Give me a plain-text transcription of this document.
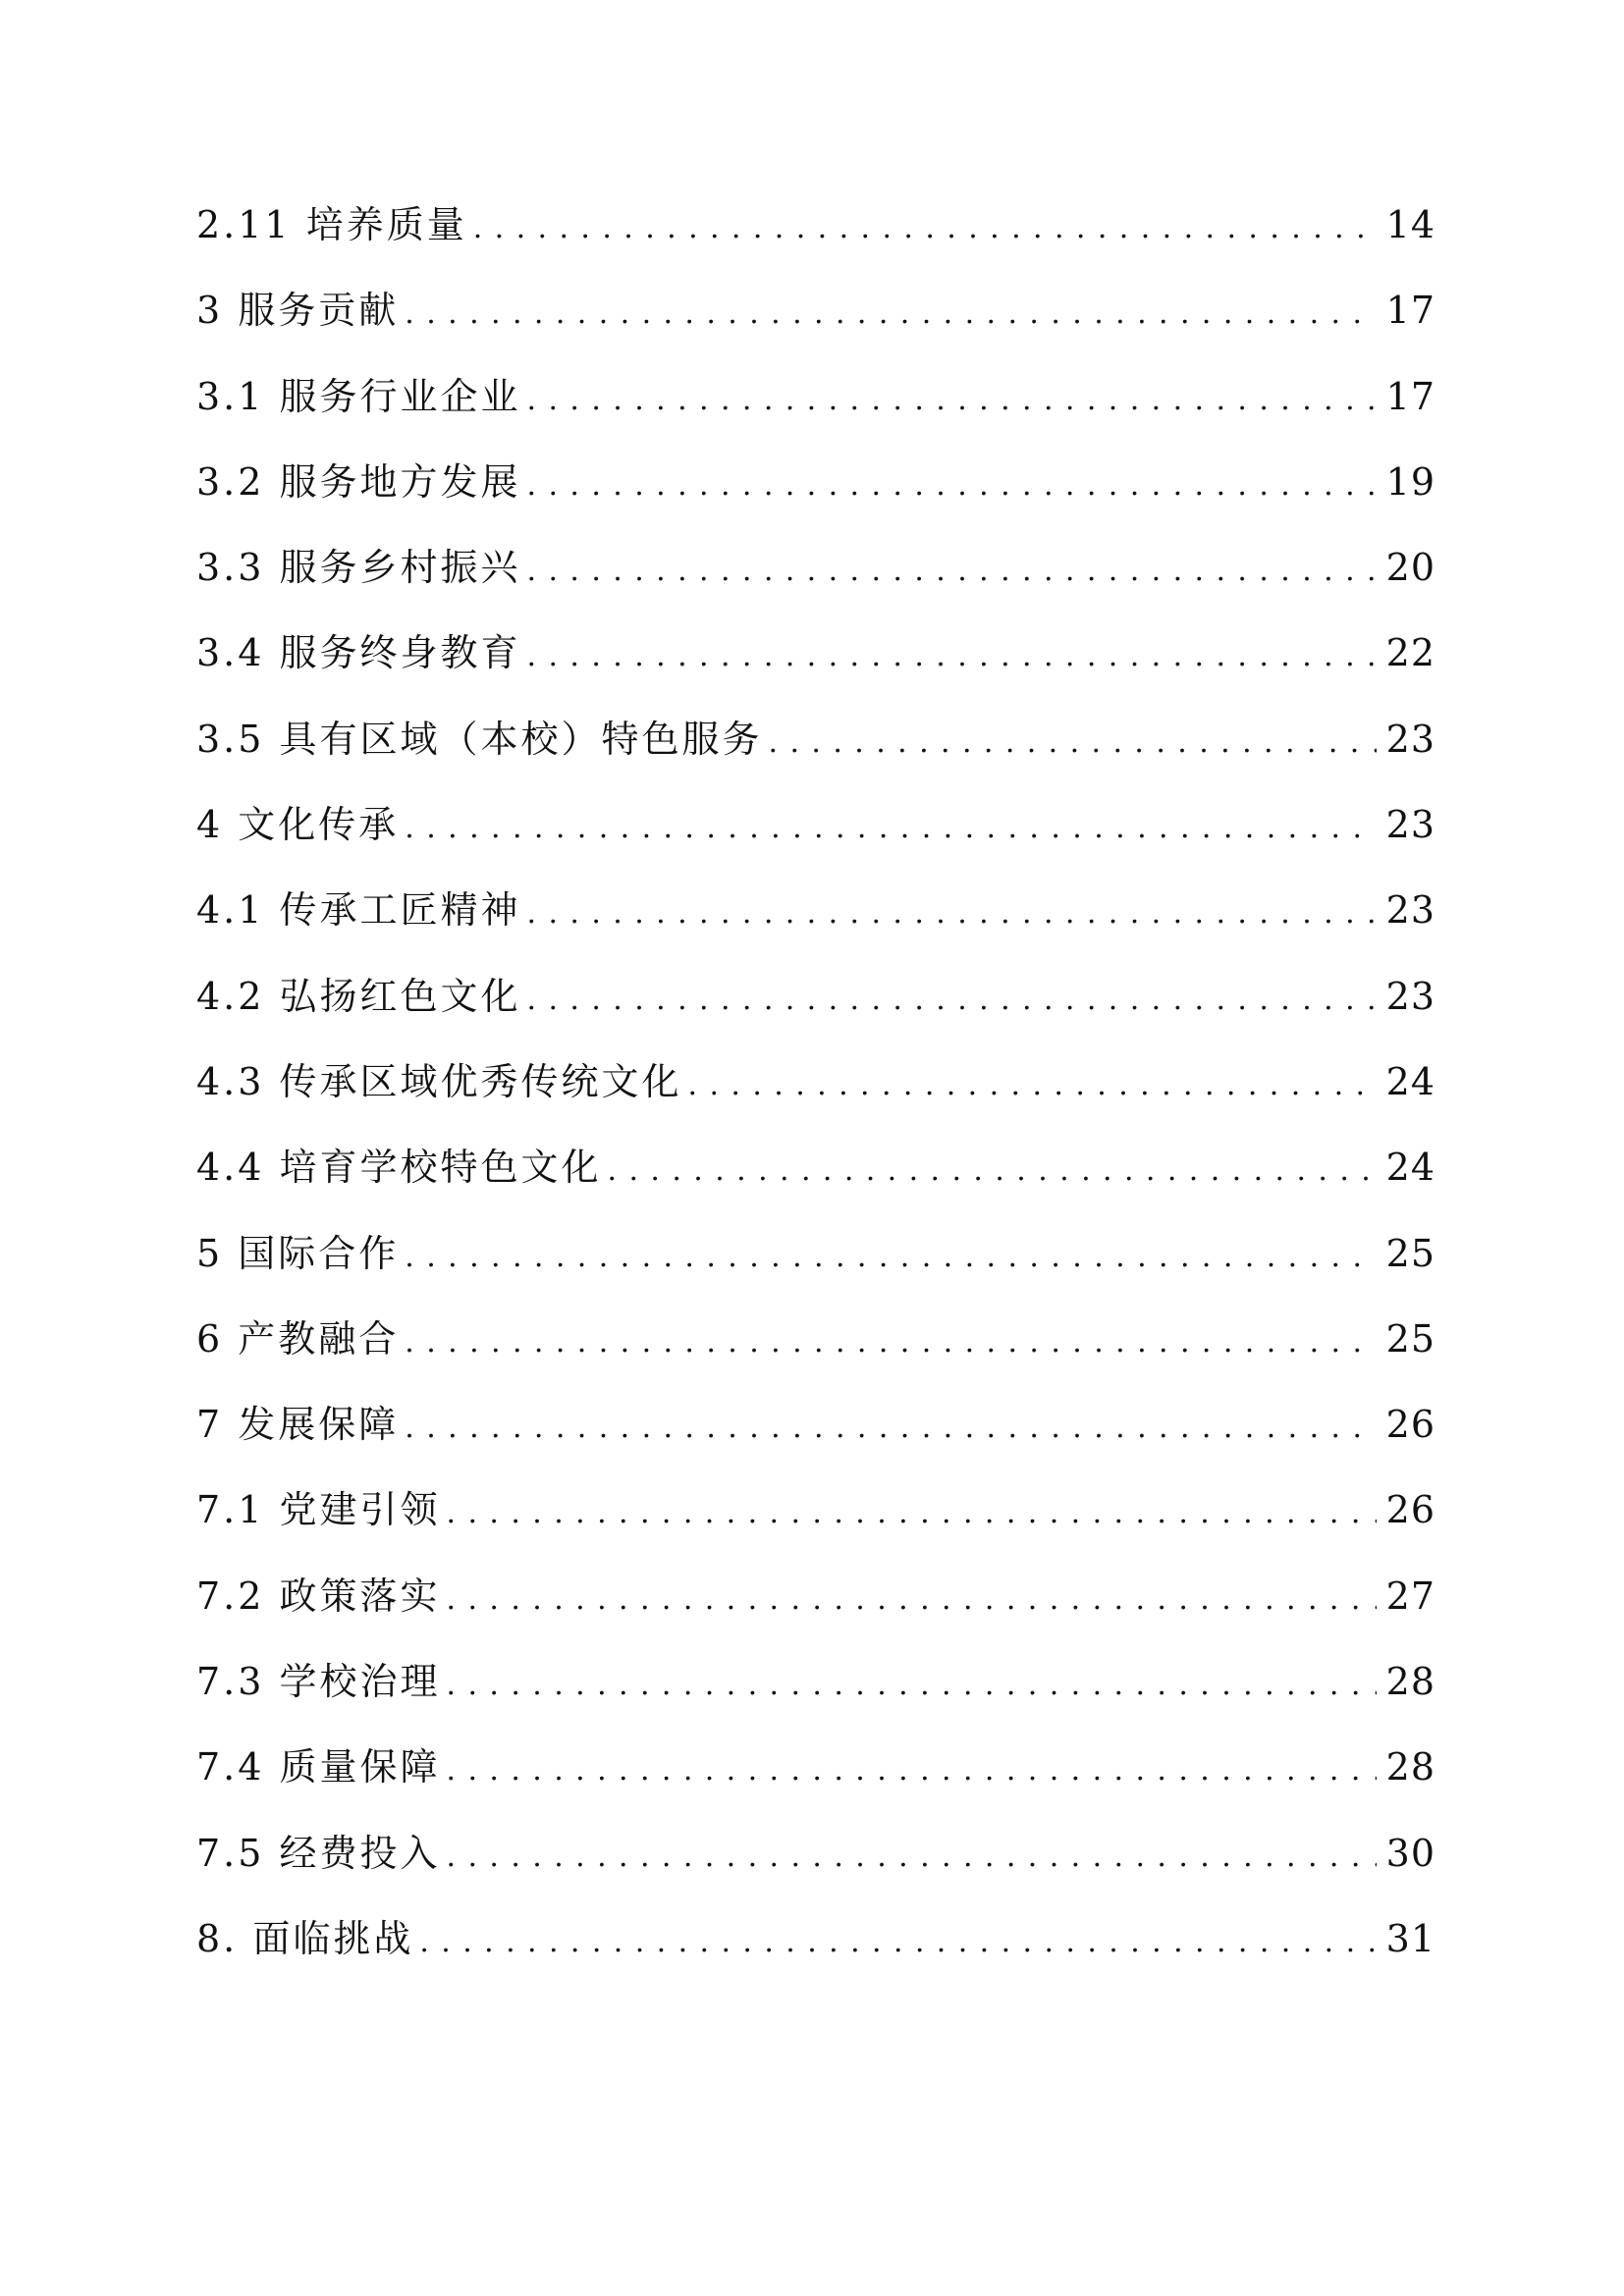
2.11 培养质量 .....	14
3 服务贡献 .....	17
3.1 服务行业企业 .....	17
3.2 服务地方发展 .....	19
3.3 服务乡村振兴 .....	20
3.4 服务终身教育 .....	22
3.5 具有区域（本校）特色服务 .....	23
4 文化传承 .....	23
4.1 传承工匠精神 .....	23
4.2 弘扬红色文化 .....	23
4.3 传承区域优秀传统文化 .....	24
4.4 培育学校特色文化 .....	24
5 国际合作 .....	25
6 产教融合 .....	25
7 发展保障 .....	26
7.1 党建引领 .....	26
7.2 政策落实 .....	27
7.3 学校治理 .....	28
7.4 质量保障 .....	28
7.5 经费投入 .....	30
8. 面临挑战 .....	31
